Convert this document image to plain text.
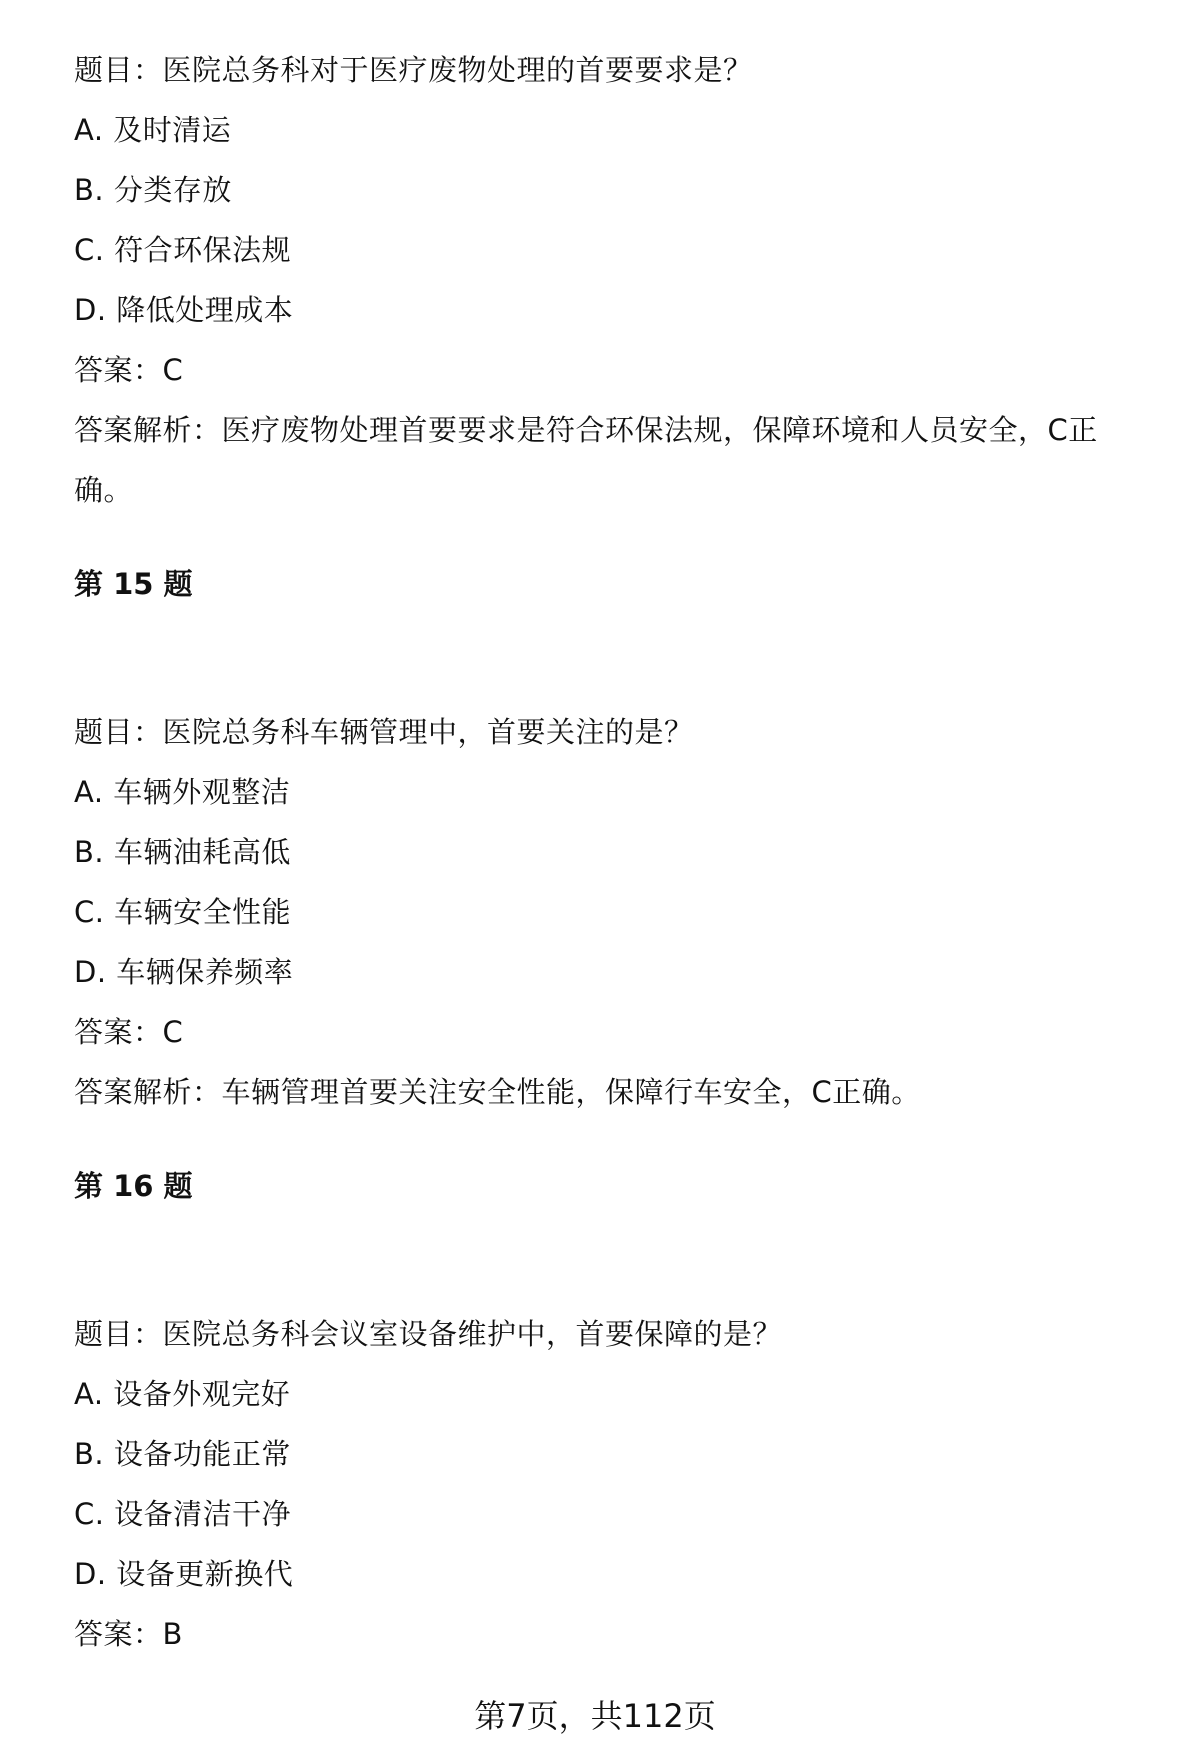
题目：医院总务科对于医疗废物处理的首要要求是？
A. 及时清运
B. 分类存放
C. 符合环保法规
D. 降低处理成本
答案：C
答案解析：医疗废物处理首要要求是符合环保法规，保障环境和人员安全，C正
确。
第 15 题
题目：医院总务科车辆管理中，首要关注的是？
A. 车辆外观整洁
B. 车辆油耗高低
C. 车辆安全性能
D. 车辆保养频率
答案：C
答案解析：车辆管理首要关注安全性能，保障行车安全，C正确。
第 16 题
题目：医院总务科会议室设备维护中，首要保障的是？
A. 设备外观完好
B. 设备功能正常
C. 设备清洁干净
D. 设备更新换代
答案：B
第7页，共112页
